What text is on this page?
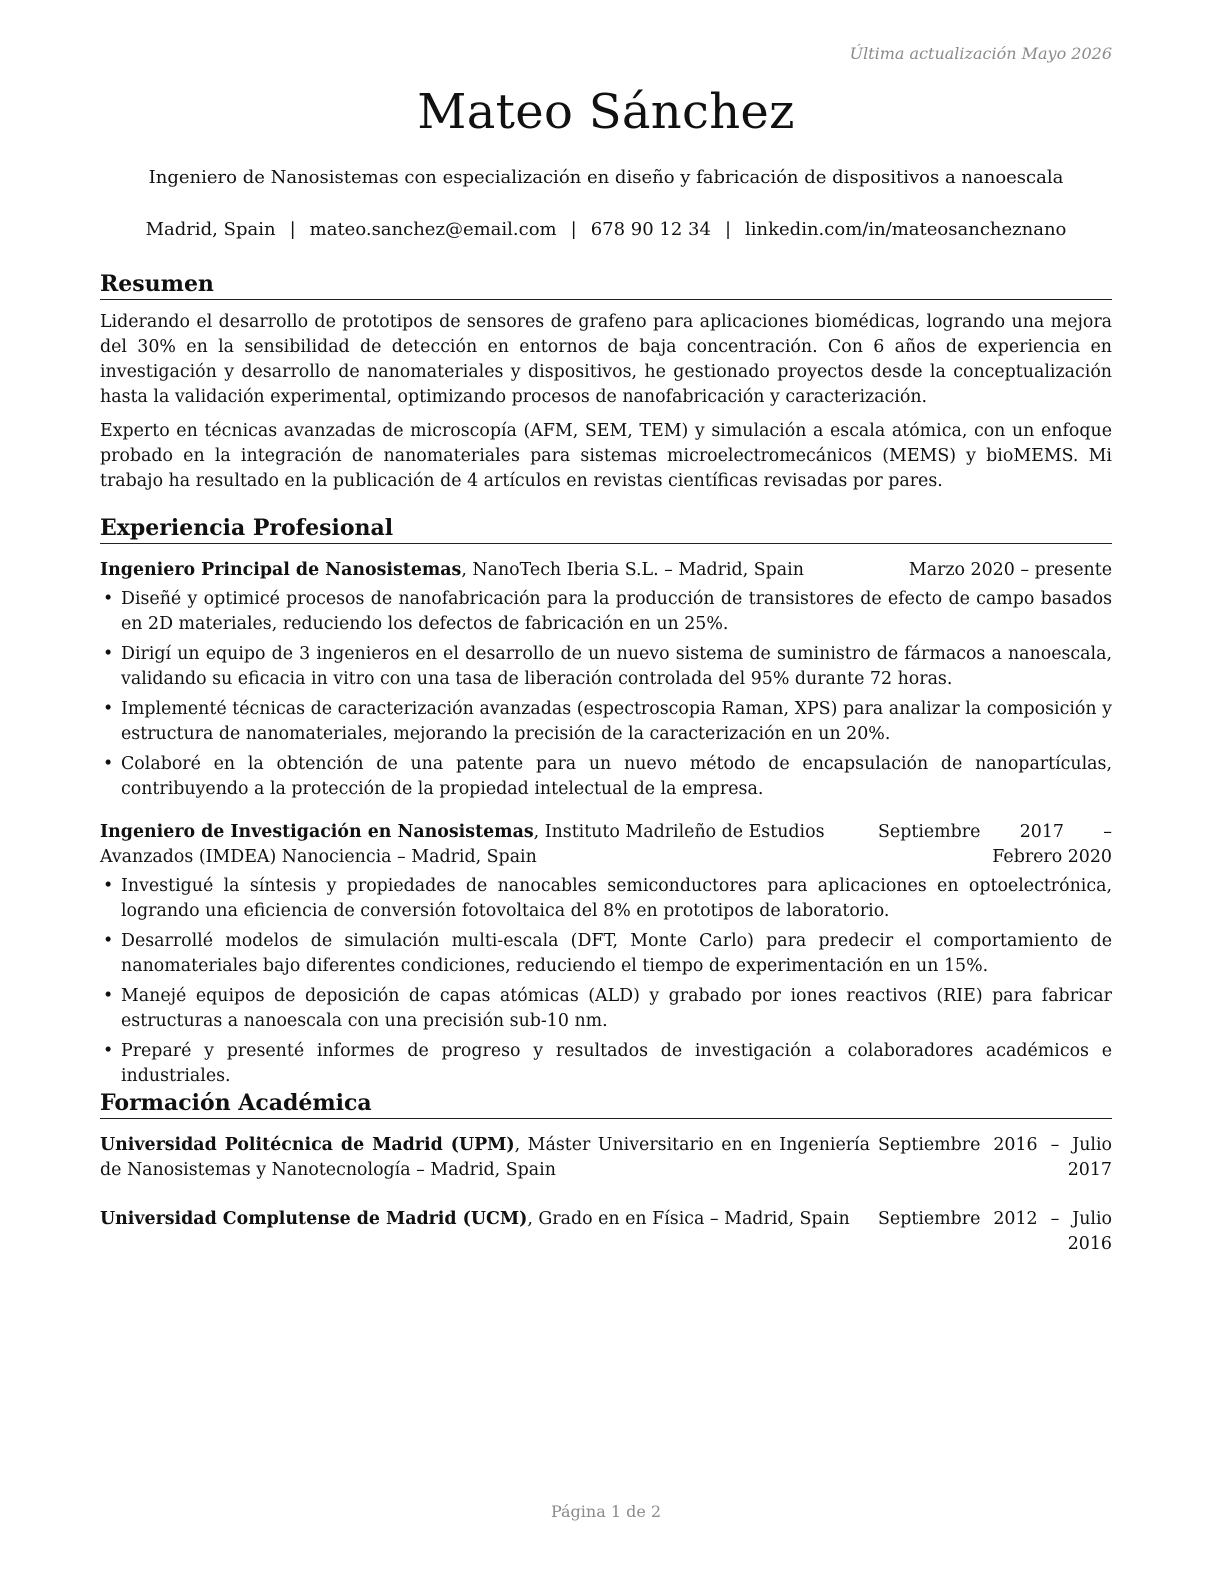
Última actualización Mayo 2026
Mateo Sánchez
Ingeniero de Nanosistemas con especialización en diseño y fabricación de dispositivos a nanoescala
Madrid, Spain | mateo.sanchez@email.com | 678 90 12 34 | linkedin.com/in/mateosancheznano
Resumen

Liderando el desarrollo de prototipos de sensores de grafeno para aplicaciones biomédicas, logrando una mejora del 30% en la sensibilidad de detección en entornos de baja concentración. Con 6 años de experiencia en investigación y desarrollo de nanomateriales y dispositivos, he gestionado proyectos desde la conceptualización hasta la validación experimental, optimizando procesos de nanofabricación y caracterización.

Experto en técnicas avanzadas de microscopía (AFM, SEM, TEM) y simulación a escala atómica, con un enfoque probado en la integración de nanomateriales para sistemas microelectromecánicos (MEMS) y bioMEMS. Mi trabajo ha resultado en la publicación de 4 artículos en revistas científicas revisadas por pares.

Experiencia Profesional
Ingeniero Principal de Nanosistemas, NanoTech Iberia S.L. – Madrid, Spain	Marzo 2020 – presente
• Diseñé y optimicé procesos de nanofabricación para la producción de transistores de efecto de campo basados en 2D materiales, reduciendo los defectos de fabricación en un 25%.
• Dirigí un equipo de 3 ingenieros en el desarrollo de un nuevo sistema de suministro de fármacos a nanoescala, validando su eficacia in vitro con una tasa de liberación controlada del 95% durante 72 horas.
• Implementé técnicas de caracterización avanzadas (espectroscopia Raman, XPS) para analizar la composición y estructura de nanomateriales, mejorando la precisión de la caracterización en un 20%.
• Colaboré en la obtención de una patente para un nuevo método de encapsulación de nanopartículas, contribuyendo a la protección de la propiedad intelectual de la empresa.
Ingeniero de Investigación en Nanosistemas, Instituto Madrileño de Estudios Avanzados (IMDEA) Nanociencia – Madrid, Spain
Septiembre 2017 – Febrero 2020
• Investigué la síntesis y propiedades de nanocables semiconductores para aplicaciones en optoelectrónica, logrando una eficiencia de conversión fotovoltaica del 8% en prototipos de laboratorio.
• Desarrollé modelos de simulación multi-escala (DFT, Monte Carlo) para predecir el comportamiento de nanomateriales bajo diferentes condiciones, reduciendo el tiempo de experimentación en un 15%.
• Manejé equipos de deposición de capas atómicas (ALD) y grabado por iones reactivos (RIE) para fabricar estructuras a nanoescala con una precisión sub-10 nm.
• Preparé y presenté informes de progreso y resultados de investigación a colaboradores académicos e industriales.
Formación Académica
Universidad Politécnica de Madrid (UPM), Máster Universitario en en Ingeniería de Nanosistemas y Nanotecnología – Madrid, Spain
Septiembre 2016 – Julio 2017
Universidad Complutense de Madrid (UCM), Grado en en Física – Madrid, Spain	Septiembre 2012 – Julio 2016
Página 1 de 2
